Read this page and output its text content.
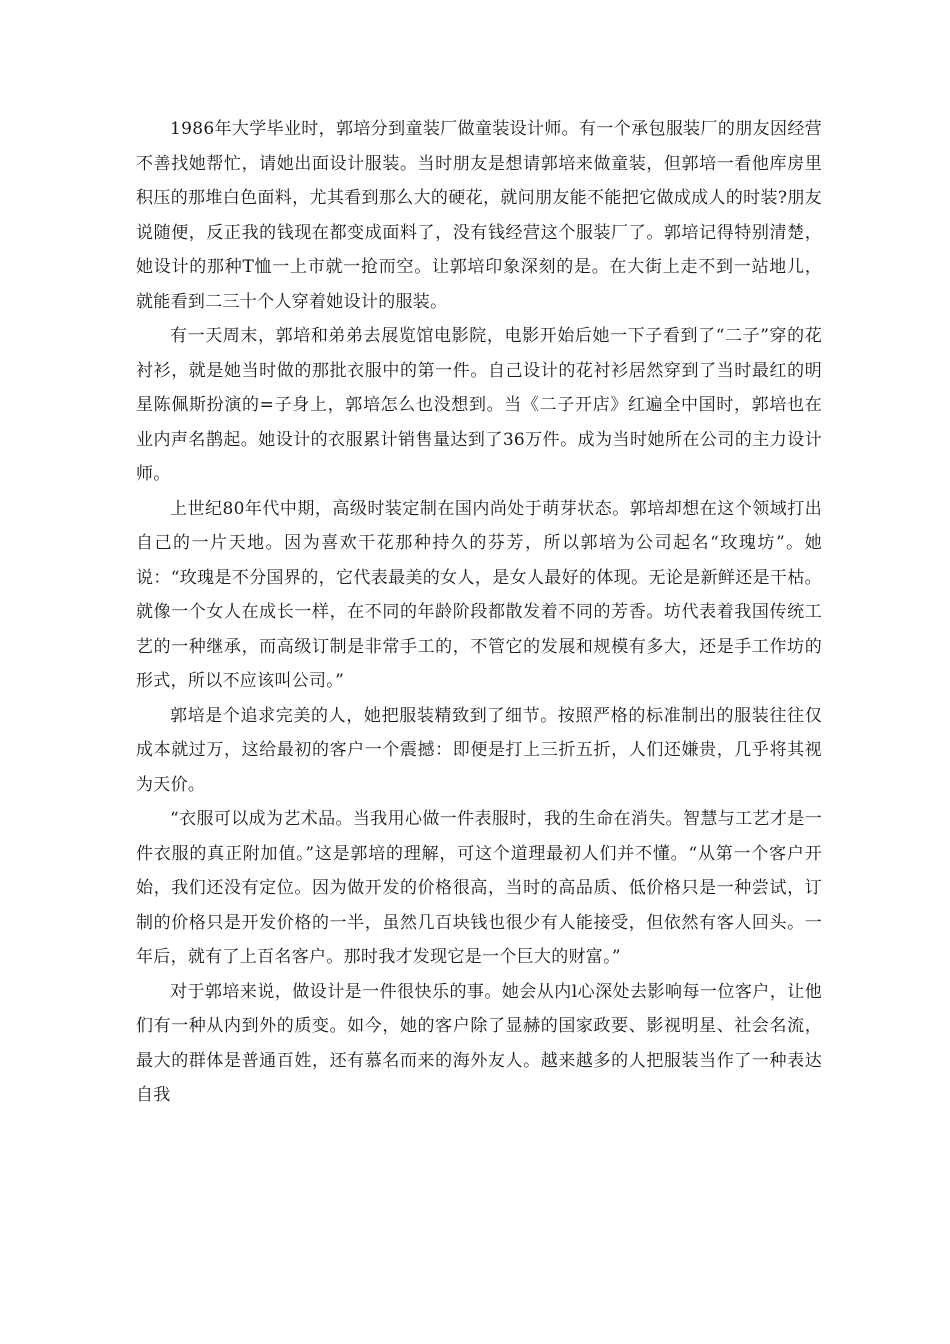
1986年大学毕业时，郭培分到童装厂做童装设计师。有一个承包服装厂的朋友因经营不善找她帮忙，请她出面设计服装。当时朋友是想请郭培来做童装，但郭培一看他库房里积压的那堆白色面料，尤其看到那么大的硬花，就问朋友能不能把它做成成人的时装?朋友说随便，反正我的钱现在都变成面料了，没有钱经营这个服装厂了。郭培记得特别清楚，她设计的那种T恤一上市就一抢而空。让郭培印象深刻的是。在大街上走不到一站地儿，就能看到二三十个人穿着她设计的服装。

有一天周末，郭培和弟弟去展览馆电影院，电影开始后她一下子看到了“二子”穿的花衬衫，就是她当时做的那批衣服中的第一件。自己设计的花衬衫居然穿到了当时最红的明星陈佩斯扮演的=子身上，郭培怎么也没想到。当《二子开店》红遍全中国时，郭培也在业内声名鹊起。她设计的衣服累计销售量达到了36万件。成为当时她所在公司的主力设计师。

上世纪80年代中期，高级时装定制在国内尚处于萌芽状态。郭培却想在这个领域打出自己的一片天地。因为喜欢干花那种持久的芬芳，所以郭培为公司起名“玫瑰坊”。她说：“玫瑰是不分国界的，它代表最美的女人，是女人最好的体现。无论是新鲜还是干枯。就像一个女人在成长一样，在不同的年龄阶段都散发着不同的芳香。坊代表着我国传统工艺的一种继承，而高级订制是非常手工的，不管它的发展和规模有多大，还是手工作坊的形式，所以不应该叫公司。”

郭培是个追求完美的人，她把服装精致到了细节。按照严格的标准制出的服装往往仅成本就过万，这给最初的客户一个震撼：即便是打上三折五折，人们还嫌贵，几乎将其视为天价。

“衣服可以成为艺术品。当我用心做一件表服时，我的生命在消失。智慧与工艺才是一件衣服的真正附加值。”这是郭培的理解，可这个道理最初人们并不懂。“从第一个客户开始，我们还没有定位。因为做开发的价格很高，当时的高品质、低价格只是一种尝试，订制的价格只是开发价格的一半，虽然几百块钱也很少有人能接受，但依然有客人回头。一年后，就有了上百名客户。那时我才发现它是一个巨大的财富。”

对于郭培来说，做设计是一件很快乐的事。她会从内l心深处去影响每一位客户，让他们有一种从内到外的质变。如今，她的客户除了显赫的国家政要、影视明星、社会名流，最大的群体是普通百姓，还有慕名而来的海外友人。越来越多的人把服装当作了一种表达自我
